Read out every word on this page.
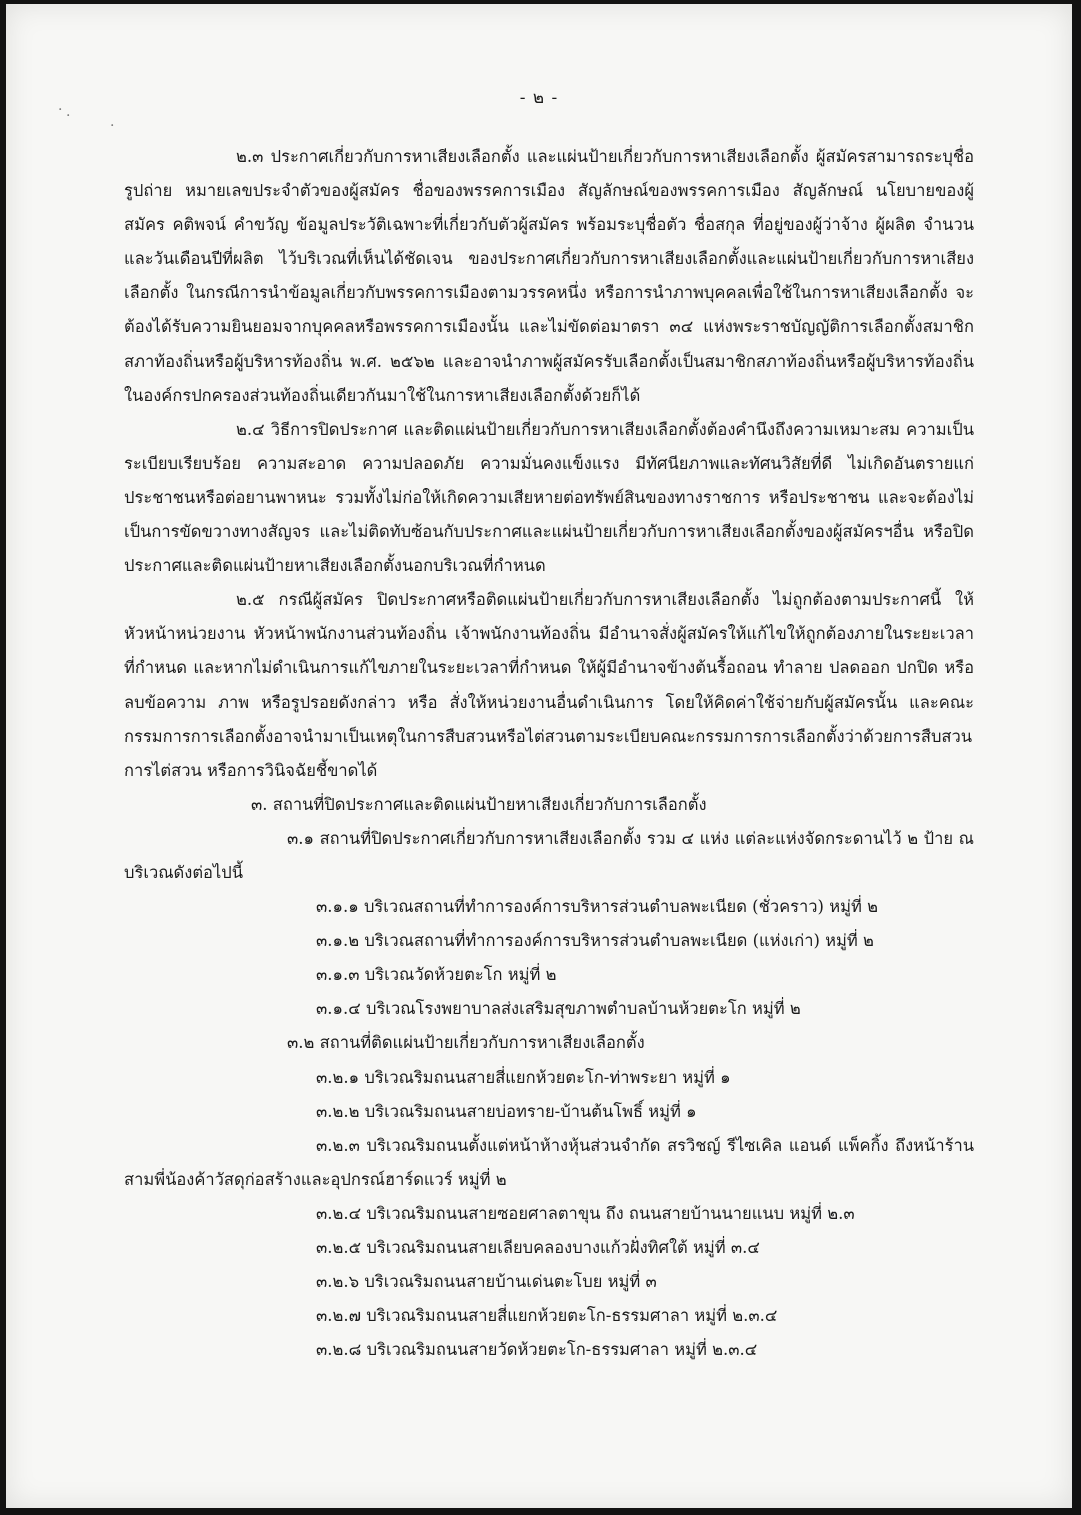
· ·
·
- ๒ -

๒.๓ ประกาศเกี่ยวกับการหาเสียงเลือกตั้ง และแผ่นป้ายเกี่ยวกับการหาเสียงเลือกตั้ง ผู้สมัครสามารถระบุชื่อ รูปถ่าย หมายเลขประจำตัวของผู้สมัคร ชื่อของพรรคการเมือง สัญลักษณ์ของพรรคการเมือง สัญลักษณ์ นโยบายของผู้สมัคร คติพจน์ คำขวัญ ข้อมูลประวัติเฉพาะที่เกี่ยวกับตัวผู้สมัคร พร้อมระบุชื่อตัว ชื่อสกุล ที่อยู่ของผู้ว่าจ้าง ผู้ผลิต จำนวน และวันเดือนปีที่ผลิต ไว้บริเวณที่เห็นได้ชัดเจน ของประกาศเกี่ยวกับการหาเสียงเลือกตั้งและแผ่นป้ายเกี่ยวกับการหาเสียงเลือกตั้ง ในกรณีการนำข้อมูลเกี่ยวกับพรรคการเมืองตามวรรคหนึ่ง หรือการนำภาพบุคคลเพื่อใช้ในการหาเสียงเลือกตั้ง จะต้องได้รับความยินยอมจากบุคคลหรือพรรคการเมืองนั้น และไม่ขัดต่อมาตรา ๓๔ แห่งพระราชบัญญัติการเลือกตั้งสมาชิกสภาท้องถิ่นหรือผู้บริหารท้องถิ่น พ.ศ. ๒๕๖๒ และอาจนำภาพผู้สมัครรับเลือกตั้งเป็นสมาชิกสภาท้องถิ่นหรือผู้บริหารท้องถิ่นในองค์กรปกครองส่วนท้องถิ่นเดียวกันมาใช้ในการหาเสียงเลือกตั้งด้วยก็ได้

๒.๔ วิธีการปิดประกาศ และติดแผ่นป้ายเกี่ยวกับการหาเสียงเลือกตั้งต้องคำนึงถึงความเหมาะสม ความเป็นระเบียบเรียบร้อย ความสะอาด ความปลอดภัย ความมั่นคงแข็งแรง มีทัศนียภาพและทัศนวิสัยที่ดี ไม่เกิดอันตรายแก่ประชาชนหรือต่อยานพาหนะ รวมทั้งไม่ก่อให้เกิดความเสียหายต่อทรัพย์สินของทางราชการ หรือประชาชน และจะต้องไม่เป็นการขัดขวางทางสัญจร และไม่ติดทับซ้อนกับประกาศและแผ่นป้ายเกี่ยวกับการหาเสียงเลือกตั้งของผู้สมัครฯอื่น หรือปิดประกาศและติดแผ่นป้ายหาเสียงเลือกตั้งนอกบริเวณที่กำหนด

๒.๕ กรณีผู้สมัคร ปิดประกาศหรือติดแผ่นป้ายเกี่ยวกับการหาเสียงเลือกตั้ง ไม่ถูกต้องตามประกาศนี้ ให้หัวหน้าหน่วยงาน หัวหน้าพนักงานส่วนท้องถิ่น เจ้าพนักงานท้องถิ่น มีอำนาจสั่งผู้สมัครให้แก้ไขให้ถูกต้องภายในระยะเวลาที่กำหนด และหากไม่ดำเนินการแก้ไขภายในระยะเวลาที่กำหนด ให้ผู้มีอำนาจข้างต้นรื้อถอน ทำลาย ปลดออก ปกปิด หรือลบข้อความ ภาพ หรือรูปรอยดังกล่าว หรือ สั่งให้หน่วยงานอื่นดำเนินการ โดยให้คิดค่าใช้จ่ายกับผู้สมัครนั้น และคณะกรรมการการเลือกตั้งอาจนำมาเป็นเหตุในการสืบสวนหรือไต่สวนตามระเบียบคณะกรรมการการเลือกตั้งว่าด้วยการสืบสวน การไต่สวน หรือการวินิจฉัยชี้ขาดได้

๓. สถานที่ปิดประกาศและติดแผ่นป้ายหาเสียงเกี่ยวกับการเลือกตั้ง

๓.๑ สถานที่ปิดประกาศเกี่ยวกับการหาเสียงเลือกตั้ง รวม ๔ แห่ง แต่ละแห่งจัดกระดานไว้ ๒ ป้าย ณ บริเวณดังต่อไปนี้

๓.๑.๑ บริเวณสถานที่ทำการองค์การบริหารส่วนตำบลพะเนียด (ชั่วคราว) หมู่ที่ ๒

๓.๑.๒ บริเวณสถานที่ทำการองค์การบริหารส่วนตำบลพะเนียด (แห่งเก่า) หมู่ที่ ๒

๓.๑.๓ บริเวณวัดห้วยตะโก หมู่ที่ ๒

๓.๑.๔ บริเวณโรงพยาบาลส่งเสริมสุขภาพตำบลบ้านห้วยตะโก หมู่ที่ ๒

๓.๒ สถานที่ติดแผ่นป้ายเกี่ยวกับการหาเสียงเลือกตั้ง

๓.๒.๑ บริเวณริมถนนสายสี่แยกห้วยตะโก-ท่าพระยา หมู่ที่ ๑

๓.๒.๒ บริเวณริมถนนสายบ่อทราย-บ้านต้นโพธิ์ หมู่ที่ ๑

๓.๒.๓ บริเวณริมถนนตั้งแต่หน้าห้างหุ้นส่วนจำกัด สรวิชญ์ รีไซเคิล แอนด์ แพ็คกิ้ง ถึงหน้าร้านสามพี่น้องค้าวัสดุก่อสร้างและอุปกรณ์ฮาร์ดแวร์ หมู่ที่ ๒

๓.๒.๔ บริเวณริมถนนสายซอยศาลตาขุน ถึง ถนนสายบ้านนายแนบ หมู่ที่ ๒.๓

๓.๒.๕ บริเวณริมถนนสายเลียบคลองบางแก้วฝั่งทิศใต้ หมู่ที่ ๓.๔

๓.๒.๖ บริเวณริมถนนสายบ้านเด่นตะโบย หมู่ที่ ๓

๓.๒.๗ บริเวณริมถนนสายสี่แยกห้วยตะโก-ธรรมศาลา หมู่ที่ ๒.๓.๔

๓.๒.๘ บริเวณริมถนนสายวัดห้วยตะโก-ธรรมศาลา หมู่ที่ ๒.๓.๔
